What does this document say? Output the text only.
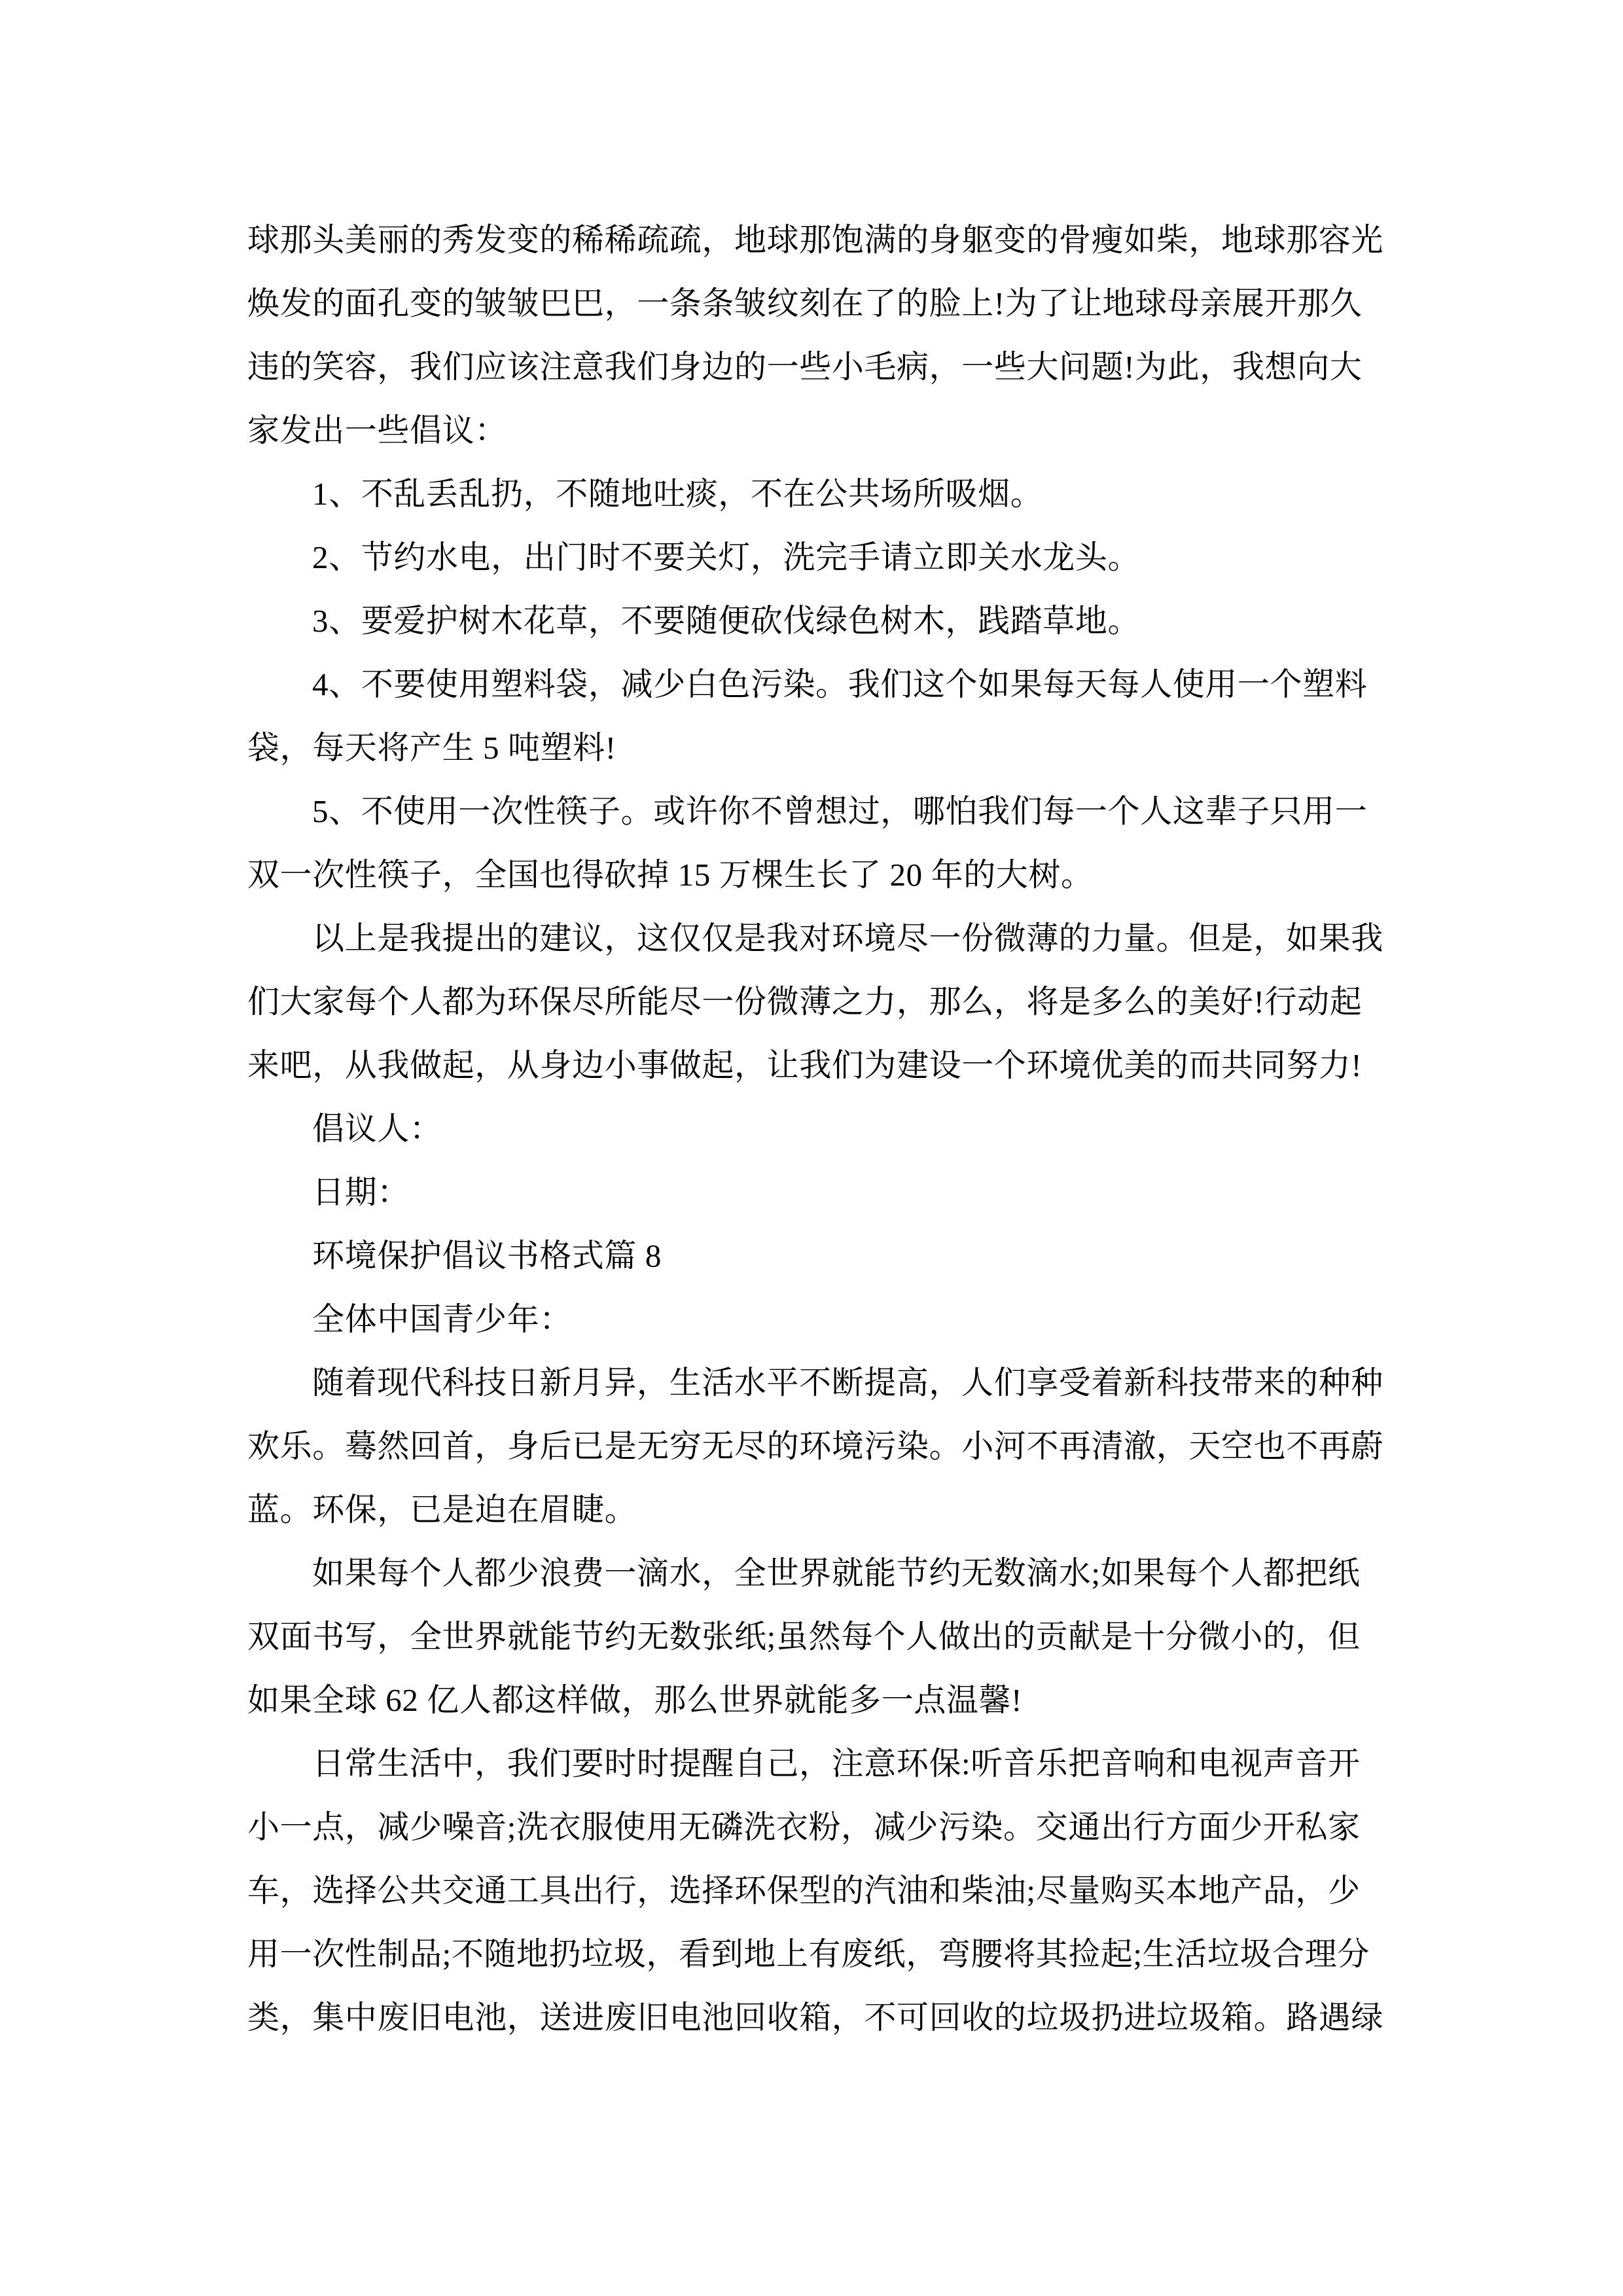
球那头美丽的秀发变的稀稀疏疏，地球那饱满的身躯变的骨瘦如柴，地球那容光
焕发的面孔变的皱皱巴巴，一条条皱纹刻在了的脸上!为了让地球母亲展开那久
违的笑容，我们应该注意我们身边的一些小毛病，一些大问题!为此，我想向大
家发出一些倡议：
1、不乱丢乱扔，不随地吐痰，不在公共场所吸烟。
2、节约水电，出门时不要关灯，洗完手请立即关水龙头。
3、要爱护树木花草，不要随便砍伐绿色树木，践踏草地。
4、不要使用塑料袋，减少白色污染。我们这个如果每天每人使用一个塑料
袋，每天将产生 5 吨塑料!
5、不使用一次性筷子。或许你不曾想过，哪怕我们每一个人这辈子只用一
双一次性筷子，全国也得砍掉 15 万棵生长了 20 年的大树。
以上是我提出的建议，这仅仅是我对环境尽一份微薄的力量。但是，如果我
们大家每个人都为环保尽所能尽一份微薄之力，那么，将是多么的美好!行动起
来吧，从我做起，从身边小事做起，让我们为建设一个环境优美的而共同努力!
倡议人：
日期：
环境保护倡议书格式篇 8
全体中国青少年：
随着现代科技日新月异，生活水平不断提高，人们享受着新科技带来的种种
欢乐。蓦然回首，身后已是无穷无尽的环境污染。小河不再清澈，天空也不再蔚
蓝。环保，已是迫在眉睫。
如果每个人都少浪费一滴水，全世界就能节约无数滴水;如果每个人都把纸
双面书写，全世界就能节约无数张纸;虽然每个人做出的贡献是十分微小的，但
如果全球 62 亿人都这样做，那么世界就能多一点温馨!
日常生活中，我们要时时提醒自己，注意环保:听音乐把音响和电视声音开
小一点，减少噪音;洗衣服使用无磷洗衣粉，减少污染。交通出行方面少开私家
车，选择公共交通工具出行，选择环保型的汽油和柴油;尽量购买本地产品，少
用一次性制品;不随地扔垃圾，看到地上有废纸，弯腰将其捡起;生活垃圾合理分
类，集中废旧电池，送进废旧电池回收箱，不可回收的垃圾扔进垃圾箱。路遇绿
